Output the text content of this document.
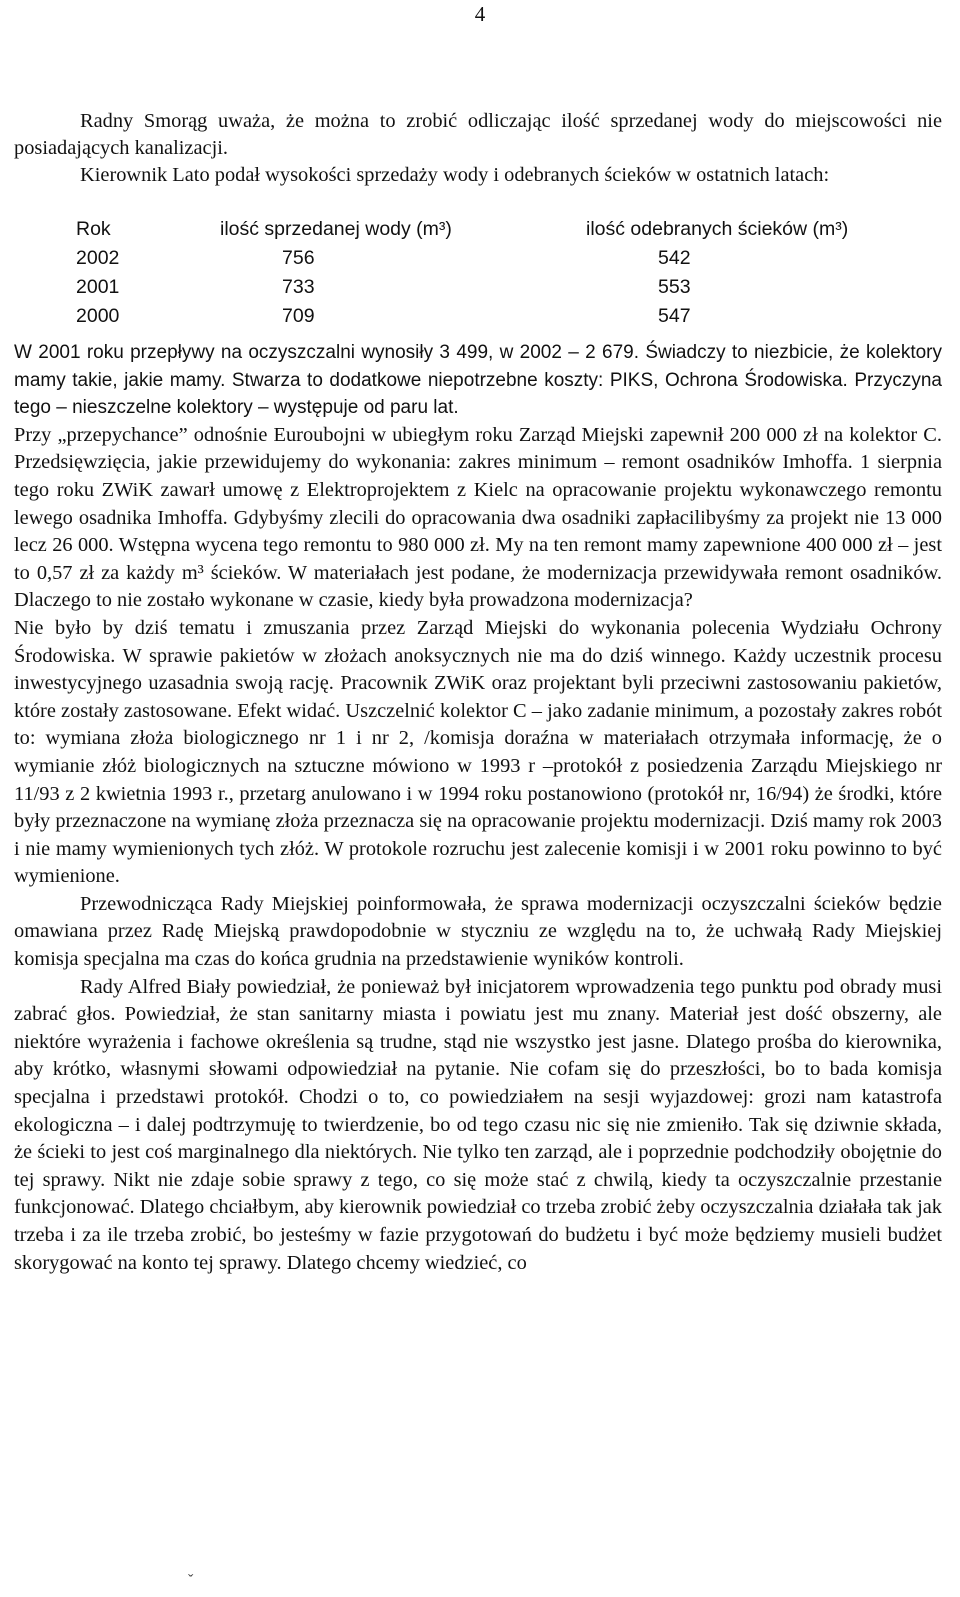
4

Radny Smorąg uważa, że można to zrobić odliczając ilość sprzedanej wody do miejscowości nie posiadających kanalizacji.

Kierownik Lato podał wysokości sprzedaży wody i odebranych ścieków w ostatnich latach:

Rok	ilość sprzedanej wody (m³)	ilość odebranych ścieków (m³)
2002	756	542
2001	733	553
2000	709	547

W 2001 roku przepływy na oczyszczalni wynosiły 3 499, w 2002 – 2 679. Świadczy to niezbicie, że kolektory mamy takie, jakie mamy. Stwarza to dodatkowe niepotrzebne koszty: PIKS, Ochrona Środowiska. Przyczyna tego – nieszczelne kolektory – występuje od paru lat.

Przy „przepychance” odnośnie Euroubojni w ubiegłym roku Zarząd Miejski zapewnił 200 000 zł na kolektor C. Przedsięwzięcia, jakie przewidujemy do wykonania: zakres minimum – remont osadników Imhoffa. 1 sierpnia tego roku ZWiK zawarł umowę z Elektroprojektem z Kielc na opracowanie projektu wykonawczego remontu lewego osadnika Imhoffa. Gdybyśmy zlecili do opracowania dwa osadniki zapłacilibyśmy za projekt nie 13 000 lecz 26 000. Wstępna wycena tego remontu to 980 000 zł. My na ten remont mamy zapewnione 400 000 zł – jest to 0,57 zł za każdy m³ ścieków. W materiałach jest podane, że modernizacja przewidywała remont osadników. Dlaczego to nie zostało wykonane w czasie, kiedy była prowadzona modernizacja?

Nie było by dziś tematu i zmuszania przez Zarząd Miejski do wykonania polecenia Wydziału Ochrony Środowiska. W sprawie pakietów w złożach anoksycznych nie ma do dziś winnego. Każdy uczestnik procesu inwestycyjnego uzasadnia swoją rację. Pracownik ZWiK oraz projektant byli przeciwni zastosowaniu pakietów, które zostały zastosowane. Efekt widać. Uszczelnić kolektor C – jako zadanie minimum, a pozostały zakres robót to: wymiana złoża biologicznego nr 1 i nr 2, /komisja doraźna w materiałach otrzymała informację, że o wymianie złóż biologicznych na sztuczne mówiono w 1993 r –protokół z posiedzenia Zarządu Miejskiego nr 11/93 z 2 kwietnia 1993 r., przetarg anulowano i w 1994 roku postanowiono (protokół nr, 16/94) że środki, które były przeznaczone na wymianę złoża przeznacza się na opracowanie projektu modernizacji. Dziś mamy rok 2003 i nie mamy wymienionych tych złóż. W protokole rozruchu jest zalecenie komisji i w 2001 roku powinno to być wymienione.

Przewodnicząca Rady Miejskiej poinformowała, że sprawa modernizacji oczyszczalni ścieków będzie omawiana przez Radę Miejską prawdopodobnie w styczniu ze względu na to, że uchwałą Rady Miejskiej komisja specjalna ma czas do końca grudnia na przedstawienie wyników kontroli.

Rady Alfred Biały powiedział, że ponieważ był inicjatorem wprowadzenia tego punktu pod obrady musi zabrać głos. Powiedział, że stan sanitarny miasta i powiatu jest mu znany. Materiał jest dość obszerny, ale niektóre wyrażenia i fachowe określenia są trudne, stąd nie wszystko jest jasne. Dlatego prośba do kierownika, aby krótko, własnymi słowami odpowiedział na pytanie. Nie cofam się do przeszłości, bo to bada komisja specjalna i przedstawi protokół. Chodzi o to, co powiedziałem na sesji wyjazdowej: grozi nam katastrofa ekologiczna – i dalej podtrzymuję to twierdzenie, bo od tego czasu nic się nie zmieniło. Tak się dziwnie składa, że ścieki to jest coś marginalnego dla niektórych. Nie tylko ten zarząd, ale i poprzednie podchodziły obojętnie do tej sprawy. Nikt nie zdaje sobie sprawy z tego, co się może stać z chwilą, kiedy ta oczyszczalnie przestanie funkcjonować. Dlatego chciałbym, aby kierownik powiedział co trzeba zrobić żeby oczyszczalnia działała tak jak trzeba i za ile trzeba zrobić, bo jesteśmy w fazie przygotowań do budżetu i być może będziemy musieli budżet skorygować na konto tej sprawy. Dlatego chcemy wiedzieć, co

ˇ
